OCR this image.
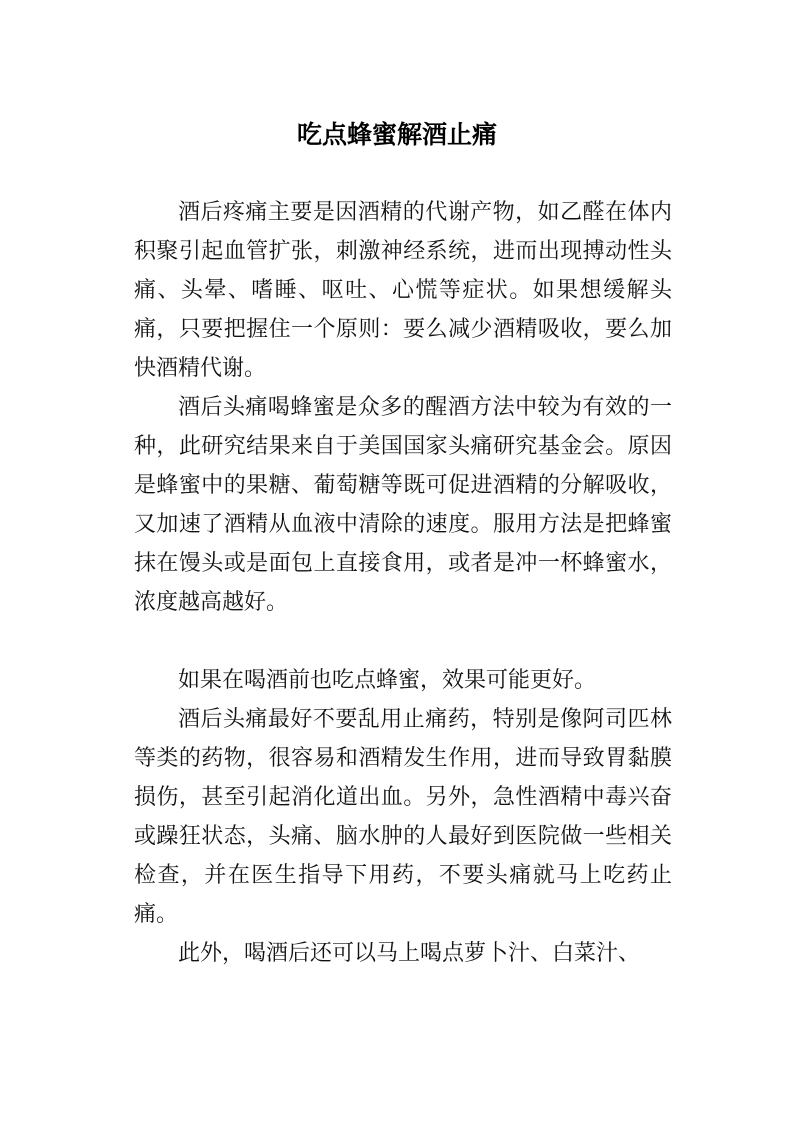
吃点蜂蜜解酒止痛

酒后疼痛主要是因酒精的代谢产物，如乙醛在体内积聚引起血管扩张，刺激神经系统，进而出现搏动性头痛、头晕、嗜睡、呕吐、心慌等症状。如果想缓解头痛，只要把握住一个原则：要么减少酒精吸收，要么加快酒精代谢。

酒后头痛喝蜂蜜是众多的醒酒方法中较为有效的一种，此研究结果来自于美国国家头痛研究基金会。原因是蜂蜜中的果糖、葡萄糖等既可促进酒精的分解吸收，又加速了酒精从血液中清除的速度。服用方法是把蜂蜜抹在馒头或是面包上直接食用，或者是冲一杯蜂蜜水，浓度越高越好。

如果在喝酒前也吃点蜂蜜，效果可能更好。

酒后头痛最好不要乱用止痛药，特别是像阿司匹林等类的药物，很容易和酒精发生作用，进而导致胃黏膜损伤，甚至引起消化道出血。另外，急性酒精中毒兴奋或躁狂状态，头痛、脑水肿的人最好到医院做一些相关检查，并在医生指导下用药，不要头痛就马上吃药止痛。

此外，喝酒后还可以马上喝点萝卜汁、白菜汁、
